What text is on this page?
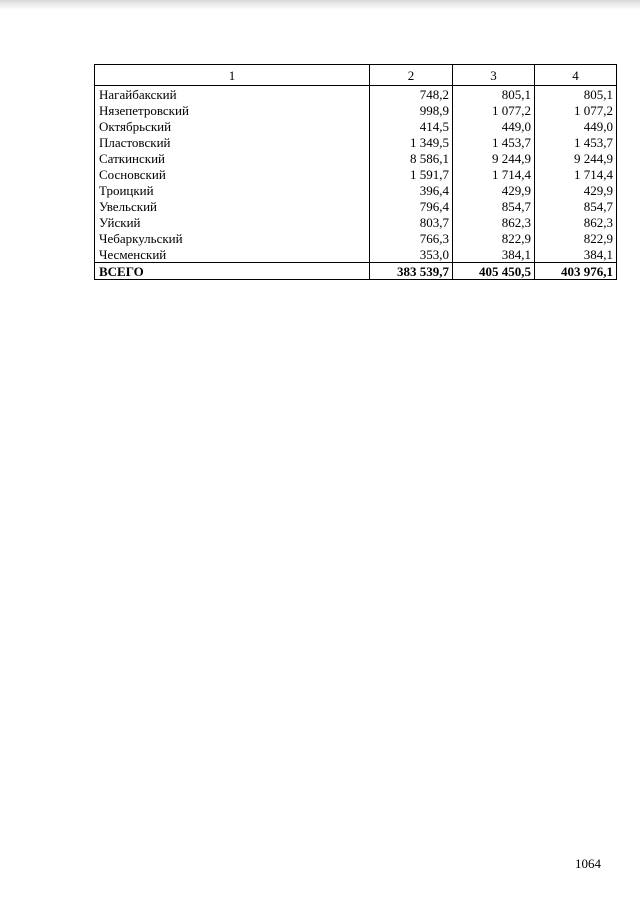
1	2	3	4
Нагайбакский	748,2	805,1	805,1
Нязепетровский	998,9	1 077,2	1 077,2
Октябрьский	414,5	449,0	449,0
Пластовский	1 349,5	1 453,7	1 453,7
Саткинский	8 586,1	9 244,9	9 244,9
Сосновский	1 591,7	1 714,4	1 714,4
Троицкий	396,4	429,9	429,9
Увельский	796,4	854,7	854,7
Уйский	803,7	862,3	862,3
Чебаркульский	766,3	822,9	822,9
Чесменский	353,0	384,1	384,1
ВСЕГО	383 539,7	405 450,5	403 976,1
1064
